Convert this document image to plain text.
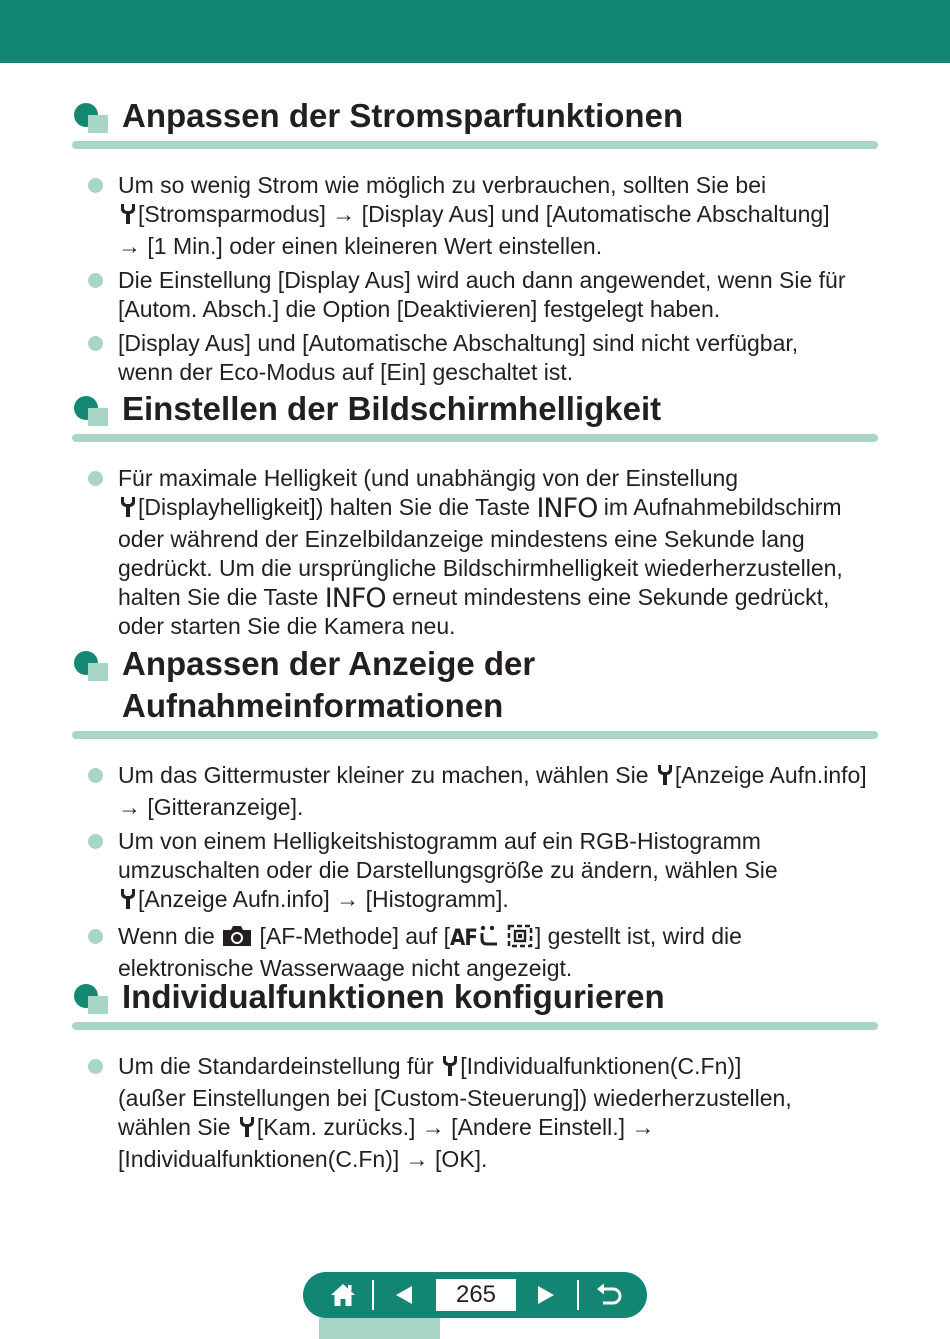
Anpassen der Stromsparfunktionen
Um so wenig Strom wie möglich zu verbrauchen, sollten Sie bei
[Stromsparmodus] → [Display Aus] und [Automatische Abschaltung]
→ [1 Min.] oder einen kleineren Wert einstellen.
Die Einstellung [Display Aus] wird auch dann angewendet, wenn Sie für
[Autom. Absch.] die Option [Deaktivieren] festgelegt haben.
[Display Aus] und [Automatische Abschaltung] sind nicht verfügbar,
wenn der Eco-Modus auf [Ein] geschaltet ist.
Einstellen der Bildschirmhelligkeit
Für maximale Helligkeit (und unabhängig von der Einstellung
[Displayhelligkeit]) halten Sie die Taste INFO im Aufnahmebildschirm
oder während der Einzelbildanzeige mindestens eine Sekunde lang
gedrückt. Um die ursprüngliche Bildschirmhelligkeit wiederherzustellen,
halten Sie die Taste INFO erneut mindestens eine Sekunde gedrückt,
oder starten Sie die Kamera neu.
Anpassen der Anzeige der
Aufnahmeinformationen
Um das Gittermuster kleiner zu machen, wählen Sie [Anzeige Aufn.info]
→ [Gitteranzeige].
Um von einem Helligkeitshistogramm auf ein RGB-Histogramm
umzuschalten oder die Darstellungsgröße zu ändern, wählen Sie
[Anzeige Aufn.info] → [Histogramm].
Wenn die  [AF-Methode] auf [AF	] gestellt ist, wird die
elektronische Wasserwaage nicht angezeigt.
Individualfunktionen konfigurieren
Um die Standardeinstellung für [Individualfunktionen(C.Fn)]
(außer Einstellungen bei [Custom-Steuerung]) wiederherzustellen,
wählen Sie [Kam. zurücks.] → [Andere Einstell.] →
[Individualfunktionen(C.Fn)] → [OK].
265
